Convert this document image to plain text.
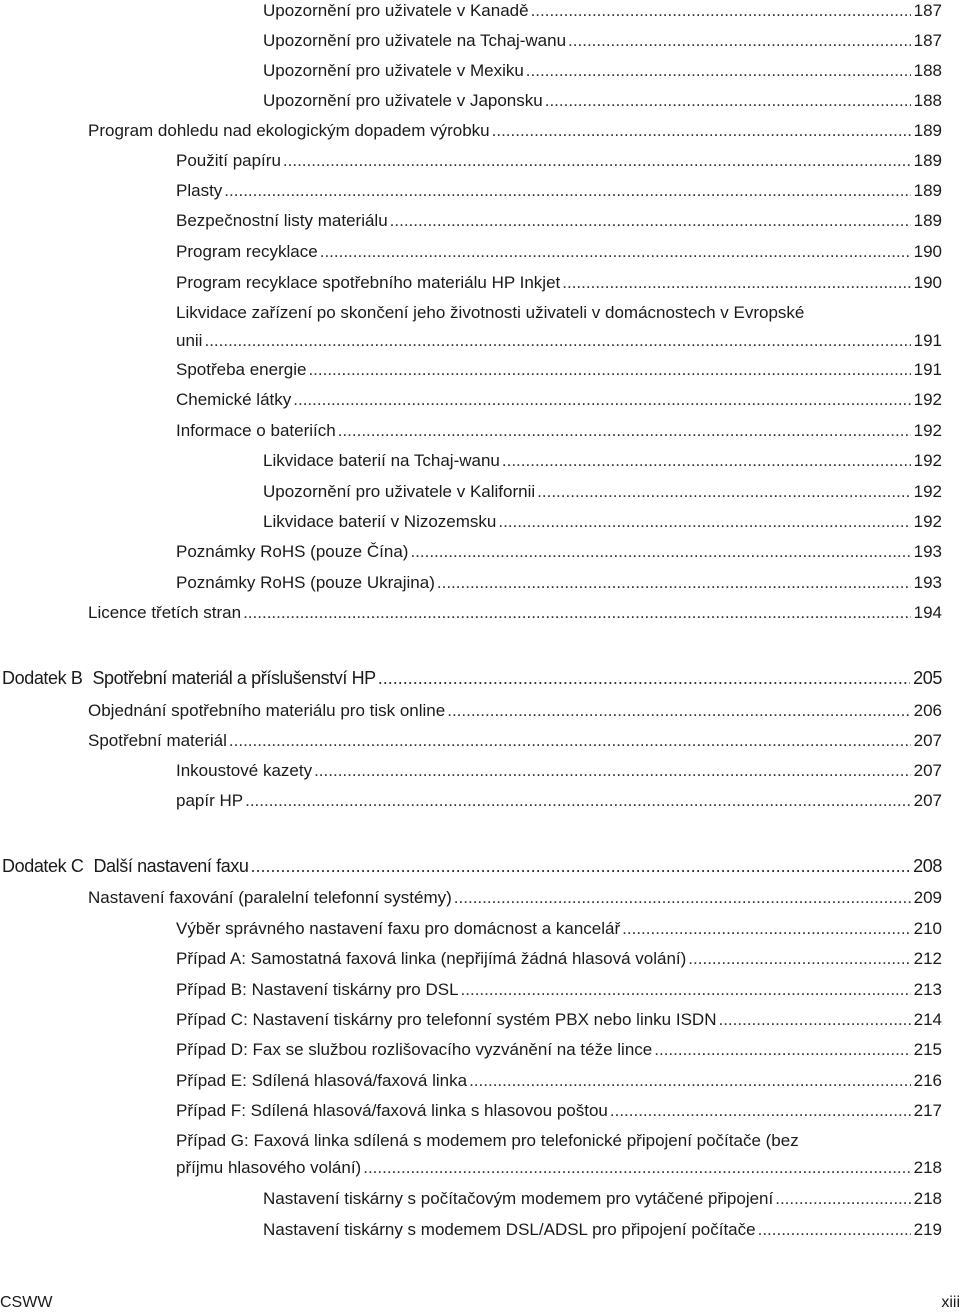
Upozornění pro uživatele v Kanadě .....	187
Upozornění pro uživatele na Tchaj-wanu .....	187
Upozornění pro uživatele v Mexiku .....	188
Upozornění pro uživatele v Japonsku .....	188
Program dohledu nad ekologickým dopadem výrobku .....	189
Použití papíru .....	189
Plasty .....	189
Bezpečnostní listy materiálu .....	189
Program recyklace .....	190
Program recyklace spotřebního materiálu HP Inkjet .....	190
Likvidace zařízení po skončení jeho životnosti uživateli v domácnostech v Evropské
unii .....	191
Spotřeba energie .....	191
Chemické látky .....	192
Informace o bateriích .....	192
Likvidace baterií na Tchaj-wanu .....	192
Upozornění pro uživatele v Kalifornii .....	192
Likvidace baterií v Nizozemsku .....	192
Poznámky RoHS (pouze Čína) .....	193
Poznámky RoHS (pouze Ukrajina) .....	193
Licence třetích stran .....	194
Dodatek B Spotřební materiál a příslušenství HP .....	205
Objednání spotřebního materiálu pro tisk online .....	206
Spotřební materiál .....	207
Inkoustové kazety .....	207
papír HP .....	207
Dodatek C Další nastavení faxu .....	208
Nastavení faxování (paralelní telefonní systémy) .....	209
Výběr správného nastavení faxu pro domácnost a kancelář .....	210
Případ A: Samostatná faxová linka (nepřijímá žádná hlasová volání) .....	212
Případ B: Nastavení tiskárny pro DSL .....	213
Případ C: Nastavení tiskárny pro telefonní systém PBX nebo linku ISDN .....	214
Případ D: Fax se službou rozlišovacího vyzvánění na téže lince .....	215
Případ E: Sdílená hlasová/faxová linka .....	216
Případ F: Sdílená hlasová/faxová linka s hlasovou poštou .....	217
Případ G: Faxová linka sdílená s modemem pro telefonické připojení počítače (bez
příjmu hlasového volání) .....	218
Nastavení tiskárny s počítačovým modemem pro vytáčené připojení .....	218
Nastavení tiskárny s modemem DSL/ADSL pro připojení počítače .....	219
CSWW	xiii
